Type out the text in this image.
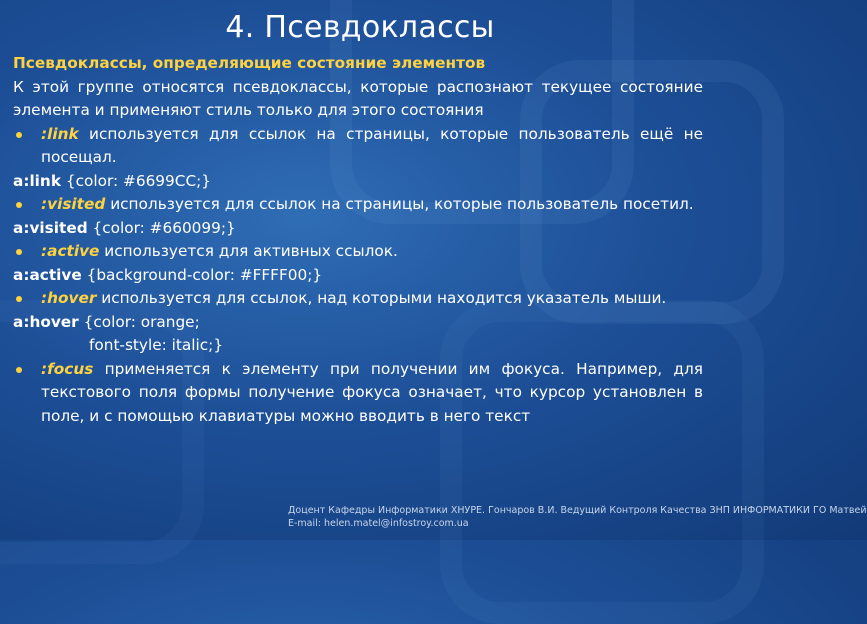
4. Псевдоклассы

Псевдоклассы, определяющие состояние элементов

К этой группе относятся псевдоклассы, которые распознают текущее состояние элемента и применяют стиль только для этого состояния

:link используется для ссылок на страницы, которые пользователь ещё не посещал.

a:link {color: #6699CC;}

:visited используется для ссылок на страницы, которые пользователь посетил.

a:visited {color: #660099;}

:active используется для активных ссылок.

a:active {background-color: #FFFF00;}

:hover используется для ссылок, над которыми находится указатель мыши.

a:hover {color: orange;

font-style: italic;}

:focus применяется к элементу при получении им фокуса. Например, для текстового поля формы получение фокуса означает, что курсор установлен в поле, и с помощью клавиатуры можно вводить в него текст

Доцент Кафедры Информатики ХНУРЕ. Гончаров В.И. Ведущий Контроля Качества ЗНП ИНФОРМАТИКИ ГО Матвей
E-mail: helen.matel@infostroy.com.ua
